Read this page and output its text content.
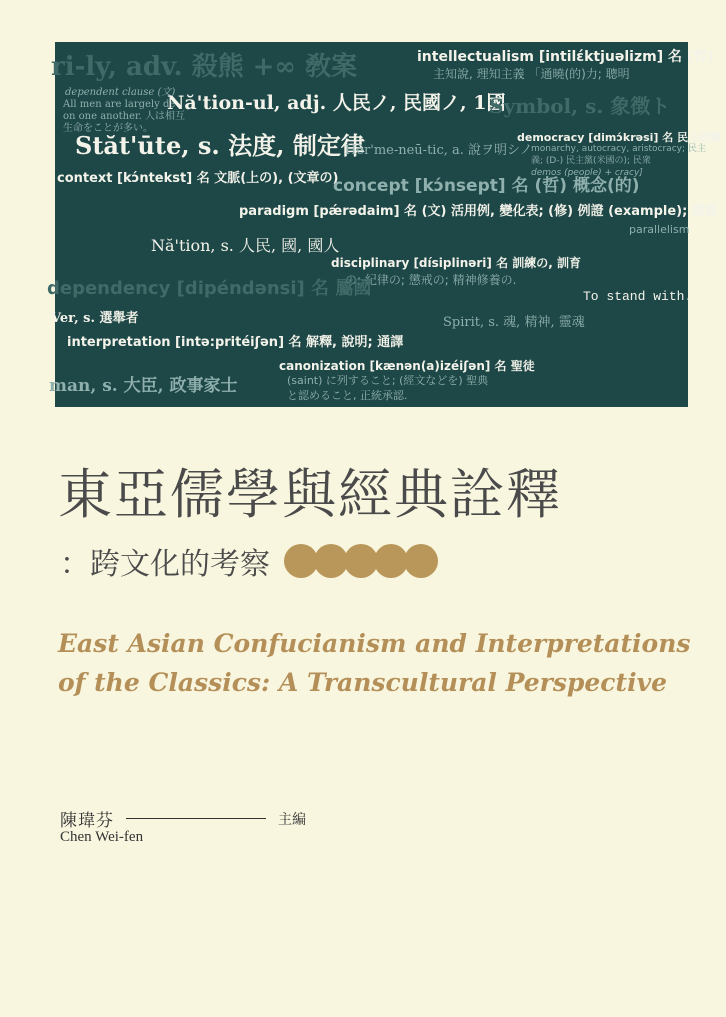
intellectualism [intilɛ́ktjuəlizm] 名 (哲)
主知說, 理知主義 「通曉(的)力; 聰明
ri-ly, adv. 殺熊 +∞ 敎案
dependent clause (文)
All men are largely de-
on one another. 人は相互
生命をことが多い。
Nă'tion-ul, adj. 人民ノ, 民國ノ, 1國
Symbol, s. 象徴ト
Stăt'ūte, s. 法度, 制定律
Hĕr'me-neū-tic, a. 說ヲ明シノ
democracy [dimɔ́krəsi] 名 民主政體
monarchy, autocracy, aristocracy; 民主
義; (D-) 民主黨(米國の); 民衆
demos (people) + cracy]
context [kɔ́ntekst] 名 文脈(上の), (文章の)
concept [kɔ́nsept] 名 (哲) 概念(的)
paradigm [pǽrədaim] 名 (文) 活用例, 變化表; (修) 例證 (example); 模範
parallelism
Nă'tion, s. 人民, 國, 國人
disciplinary [dísiplinəri] 名 訓練の, 訓育
の; 紀律の; 懲戒の; 精神修養の.
dependency [dipéndənsi] 名 屬國	To stand with.
Ver, s. 選舉者	Spirit, s. 魂, 精神, 靈魂
interpretation [intə:pritéiʃən] 名 解釋, 說明; 通譯
canonization [kænən(a)izéiʃən] 名 聖徒
(saint) に列すること; (經文などを) 聖典
と認めること, 正統承認.
man, s. 大臣, 政事家士
東亞儒學與經典詮釋
：跨文化的考察
East Asian Confucianism and Interpretations
of the Classics: A Transcultural Perspective
陳瑋芬	主編
Chen Wei-fen
